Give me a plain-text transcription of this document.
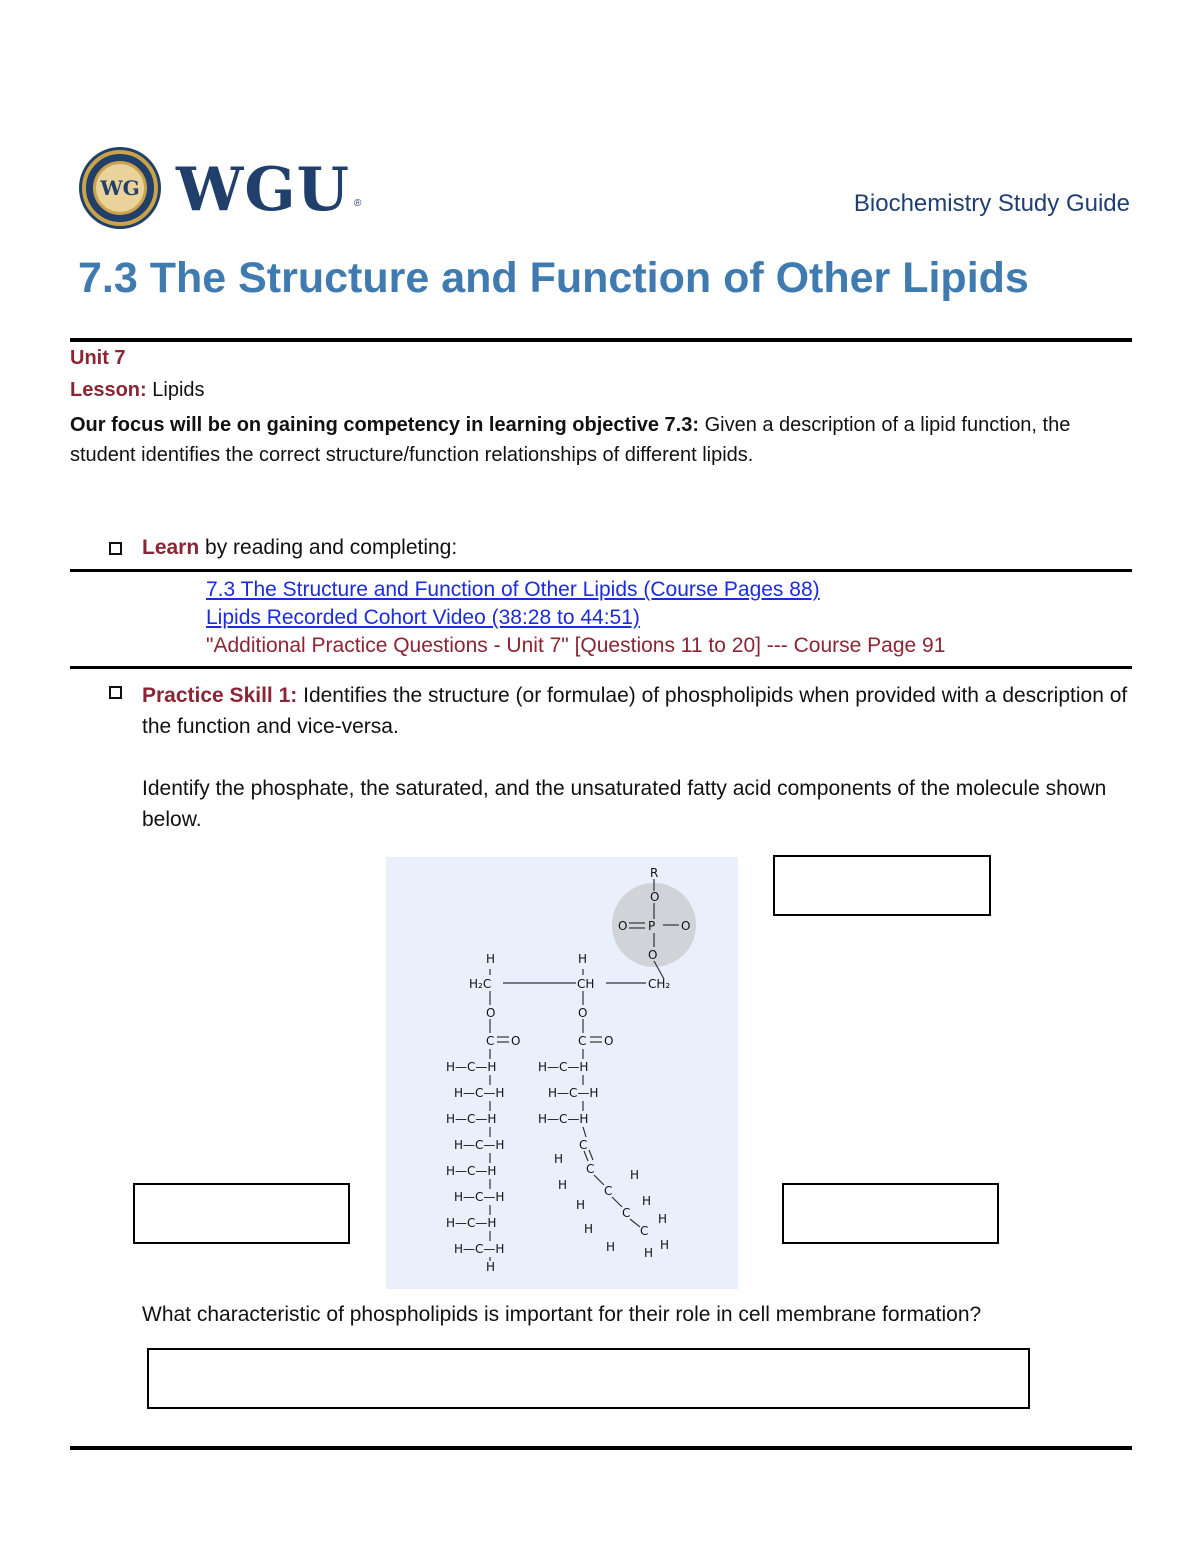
WG WGU ®	Biochemistry Study Guide
7.3 The Structure and Function of Other Lipids
Unit 7
Lesson: Lipids
Our focus will be on gaining competency in learning objective 7.3: Given a description of a lipid function, the student identifies the correct structure/function relationships of different lipids.
Learn by reading and completing:
7.3 The Structure and Function of Other Lipids (Course Pages 88)
Lipids Recorded Cohort Video (38:28 to 44:51)
"Additional Practice Questions - Unit 7" [Questions 11 to 20] --- Course Page 91
Practice Skill 1: Identifies the structure (or formulae) of phospholipids when provided with a description of the function and vice-versa.
Identify the phosphate, the saturated, and the unsaturated fatty acid components of the molecule shown below.
R
O
O P O
O
H	H
H₂C	CH	CH₂
O	O
C O	C O
H—C—H
H—C—H
H—C—H
H—C—H
H—C—H
H—C—H
H—C—H
H—C—H
H
H—C—H
H—C—H
H—C—H
C
H
C
H	C
H
H
C
H
H	C
H
H	H
H
What characteristic of phospholipids is important for their role in cell membrane formation?
